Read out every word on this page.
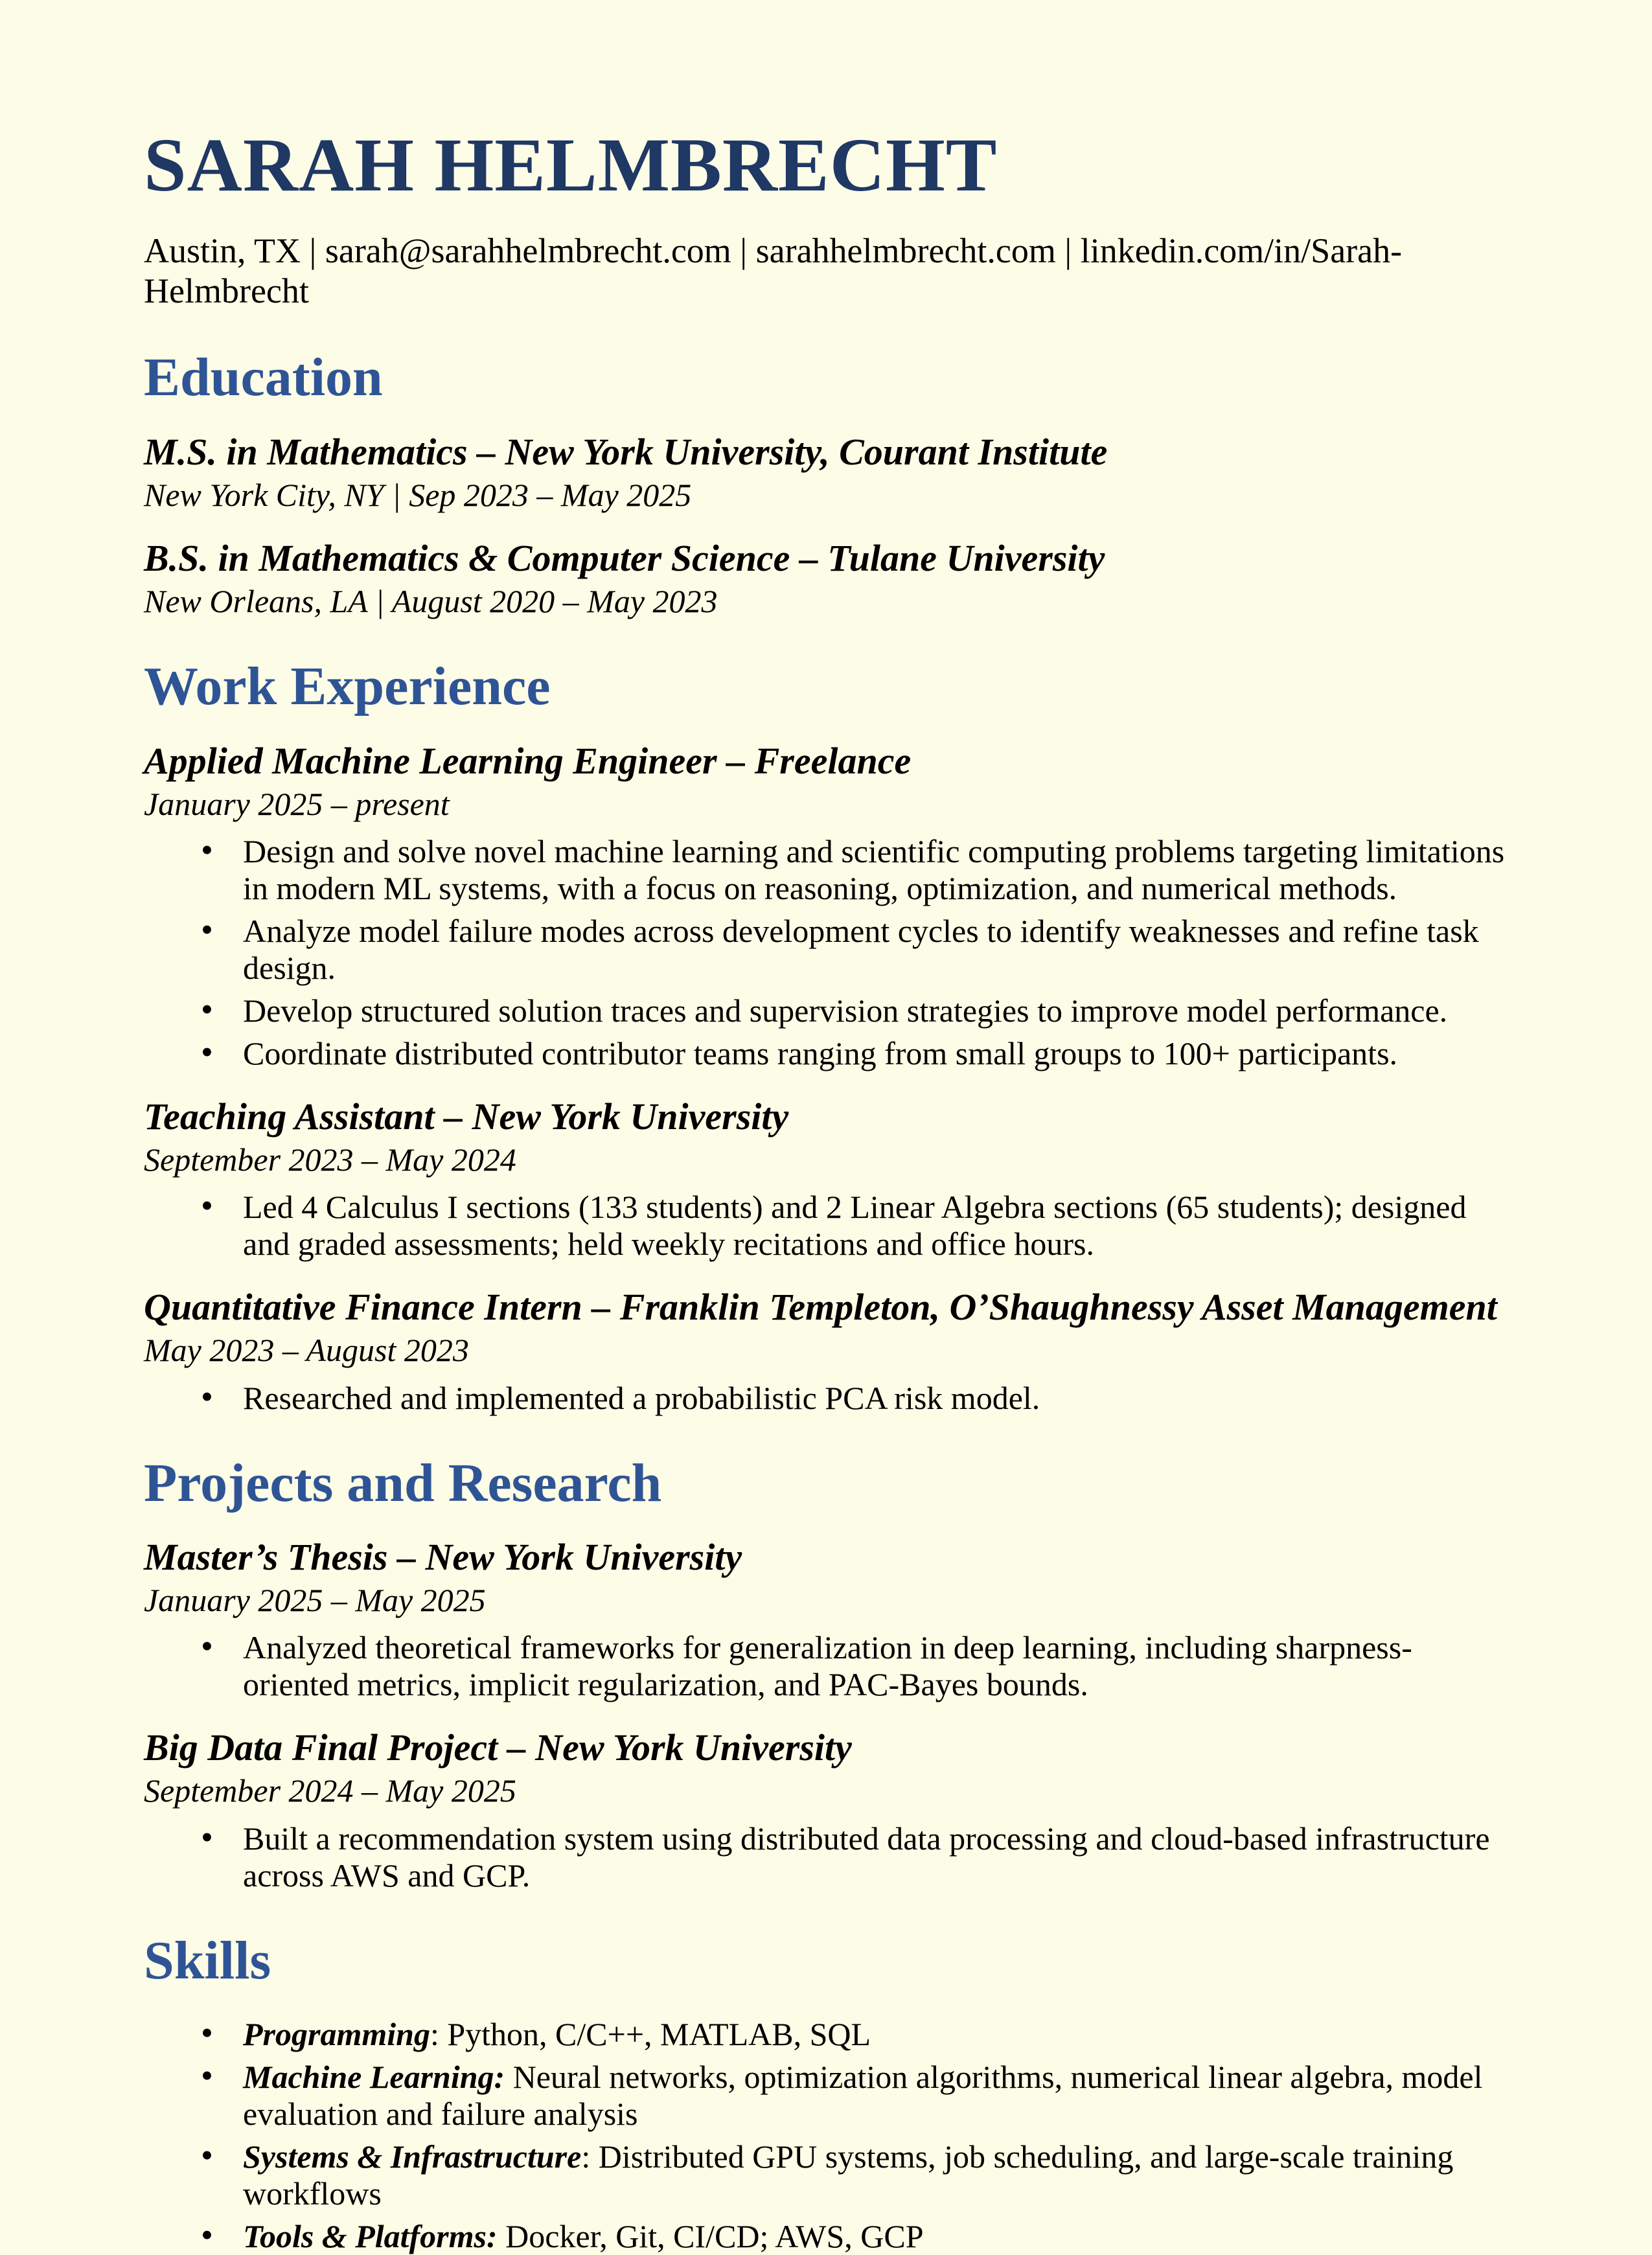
SARAH HELMBRECHT

Austin, TX | sarah@sarahhelmbrecht.com | sarahhelmbrecht.com | linkedin.com/in/Sarah-Helmbrecht

Education
M.S. in Mathematics – New York University, Courant Institute

New York City, NY | Sep 2023 – May 2025

B.S. in Mathematics & Computer Science – Tulane University

New Orleans, LA | August 2020 – May 2023

Work Experience
Applied Machine Learning Engineer – Freelance

January 2025 – present

• Design and solve novel machine learning and scientific computing problems targeting limitations in modern ML systems, with a focus on reasoning, optimization, and numerical methods.
• Analyze model failure modes across development cycles to identify weaknesses and refine task design.
• Develop structured solution traces and supervision strategies to improve model performance.
• Coordinate distributed contributor teams ranging from small groups to 100+ participants.
Teaching Assistant – New York University

September 2023 – May 2024

• Led 4 Calculus I sections (133 students) and 2 Linear Algebra sections (65 students); designed and graded assessments; held weekly recitations and office hours.
Quantitative Finance Intern – Franklin Templeton, O’Shaughnessy Asset Management

May 2023 – August 2023

• Researched and implemented a probabilistic PCA risk model.
Projects and Research
Master’s Thesis – New York University

January 2025 – May 2025

• Analyzed theoretical frameworks for generalization in deep learning, including sharpness-oriented metrics, implicit regularization, and PAC-Bayes bounds.
Big Data Final Project – New York University

September 2024 – May 2025

• Built a recommendation system using distributed data processing and cloud-based infrastructure across AWS and GCP.
Skills
• Programming: Python, C/C++, MATLAB, SQL
• Machine Learning: Neural networks, optimization algorithms, numerical linear algebra, model evaluation and failure analysis
• Systems & Infrastructure: Distributed GPU systems, job scheduling, and large-scale training workflows
• Tools & Platforms: Docker, Git, CI/CD; AWS, GCP
